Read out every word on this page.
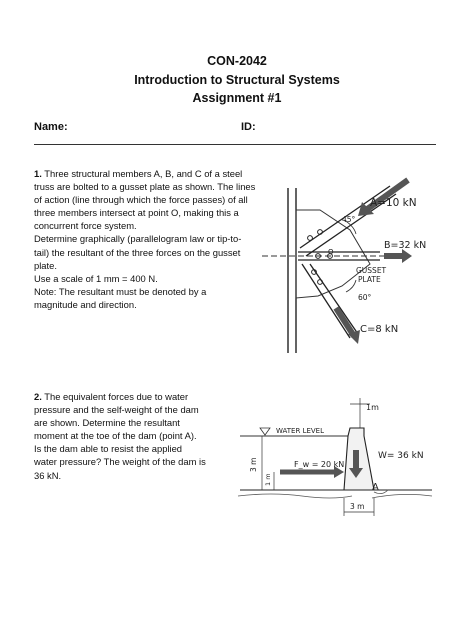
CON-2042
Introduction to Structural Systems
Assignment #1
Name:	ID:
1. Three structural members A, B, and C of a steel
truss are bolted to a gusset plate as shown. The lines
of action (line through which the force passes) of all
three members intersect at point O, making this a
concurrent force system.
Determine graphically (parallelogram law or tip-to-
tail) the resultant of the three forces on the gusset
plate.
Use a scale of 1 mm = 400 N.
Note: The resultant must be denoted by a
magnitude and direction.
A=10 kN
45°
B=32 kN
O
GUSSET
PLATE
60°
C=8 kN
2. The equivalent forces due to water
pressure and the self-weight of the dam
are shown. Determine the resultant
moment at the toe of the dam (point A).
Is the dam able to resist the applied
water pressure? The weight of the dam is
36 kN.
1m
WATER LEVEL
W= 36 kN
F_w = 20 kN
3 m
1 m
A
3 m
